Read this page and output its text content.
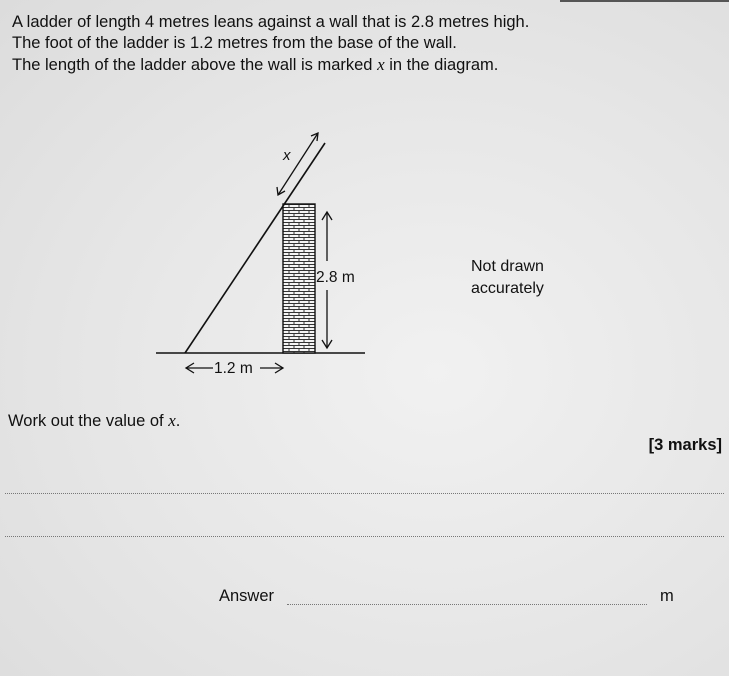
A ladder of length 4 metres leans against a wall that is 2.8 metres high.

The foot of the ladder is 1.2 metres from the base of the wall.

The length of the ladder above the wall is marked x in the diagram.

x
2.8 m
1.2 m
Not drawn
accurately
Work out the value of x.
[3 marks]
Answer	m
